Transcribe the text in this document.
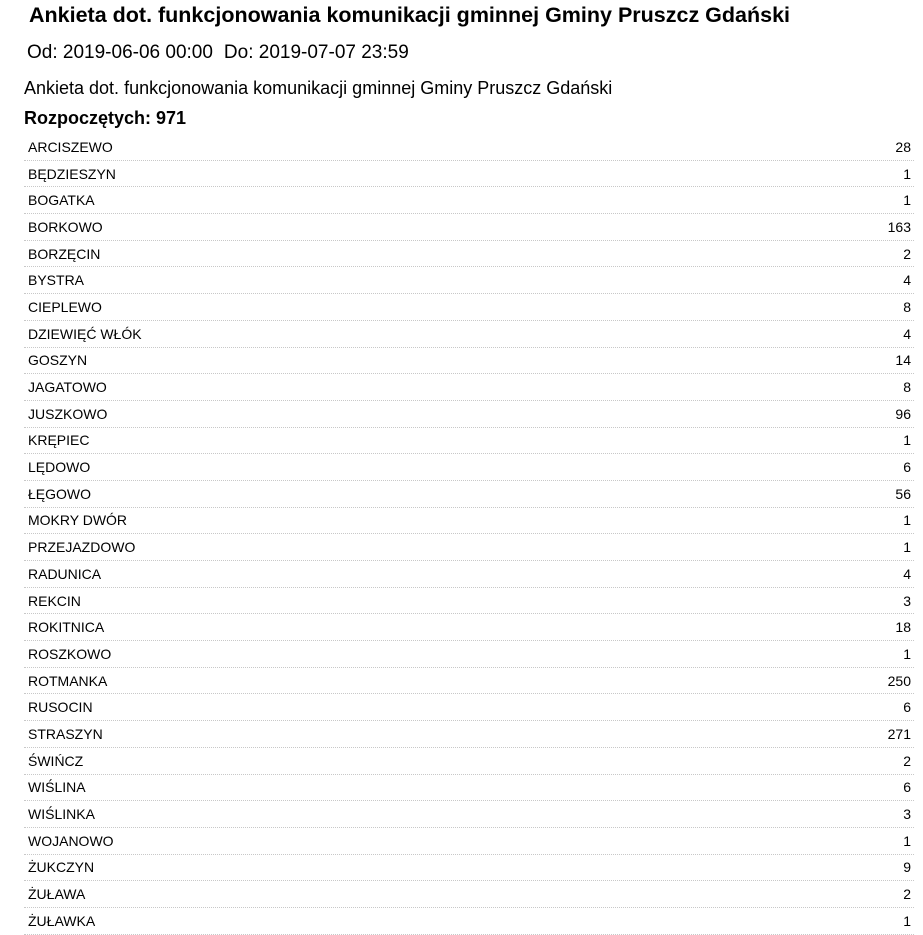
Ankieta dot. funkcjonowania komunikacji gminnej Gminy Pruszcz Gdański
Od: 2019-06-06 00:00 Do: 2019-07-07 23:59
Ankieta dot. funkcjonowania komunikacji gminnej Gminy Pruszcz Gdański
Rozpoczętych: 971
ARCISZEWO	28
BĘDZIESZYN	1
BOGATKA	1
BORKOWO	163
BORZĘCIN	2
BYSTRA	4
CIEPLEWO	8
DZIEWIĘĆ WŁÓK	4
GOSZYN	14
JAGATOWO	8
JUSZKOWO	96
KRĘPIEC	1
LĘDOWO	6
ŁĘGOWO	56
MOKRY DWÓR	1
PRZEJAZDOWO	1
RADUNICA	4
REKCIN	3
ROKITNICA	18
ROSZKOWO	1
ROTMANKA	250
RUSOCIN	6
STRASZYN	271
ŚWIŃCZ	2
WIŚLINA	6
WIŚLINKA	3
WOJANOWO	1
ŻUKCZYN	9
ŻUŁAWA	2
ŻUŁAWKA	1
